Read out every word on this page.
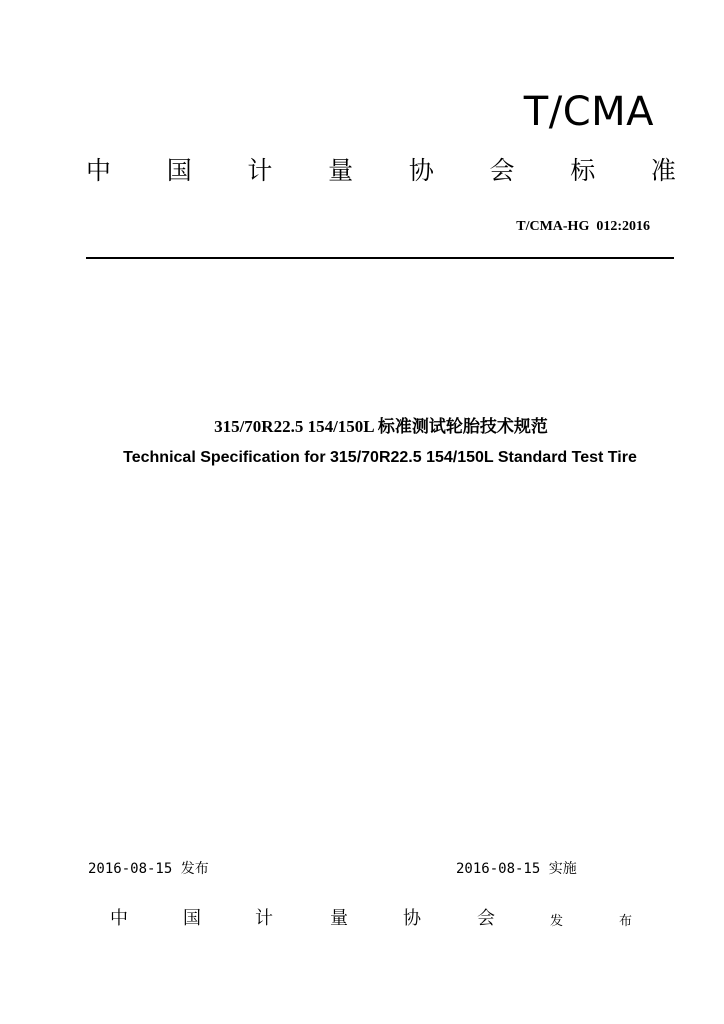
T/CMA
中 国 计 量 协 会 标 准
T/CMA-HG  012:2016
315/70R22.5 154/150L 标准测试轮胎技术规范
Technical Specification for 315/70R22.5 154/150L Standard Test Tire
2016-08-15 发布	2016-08-15 实施
中	国	计	量	协	会	发	布
